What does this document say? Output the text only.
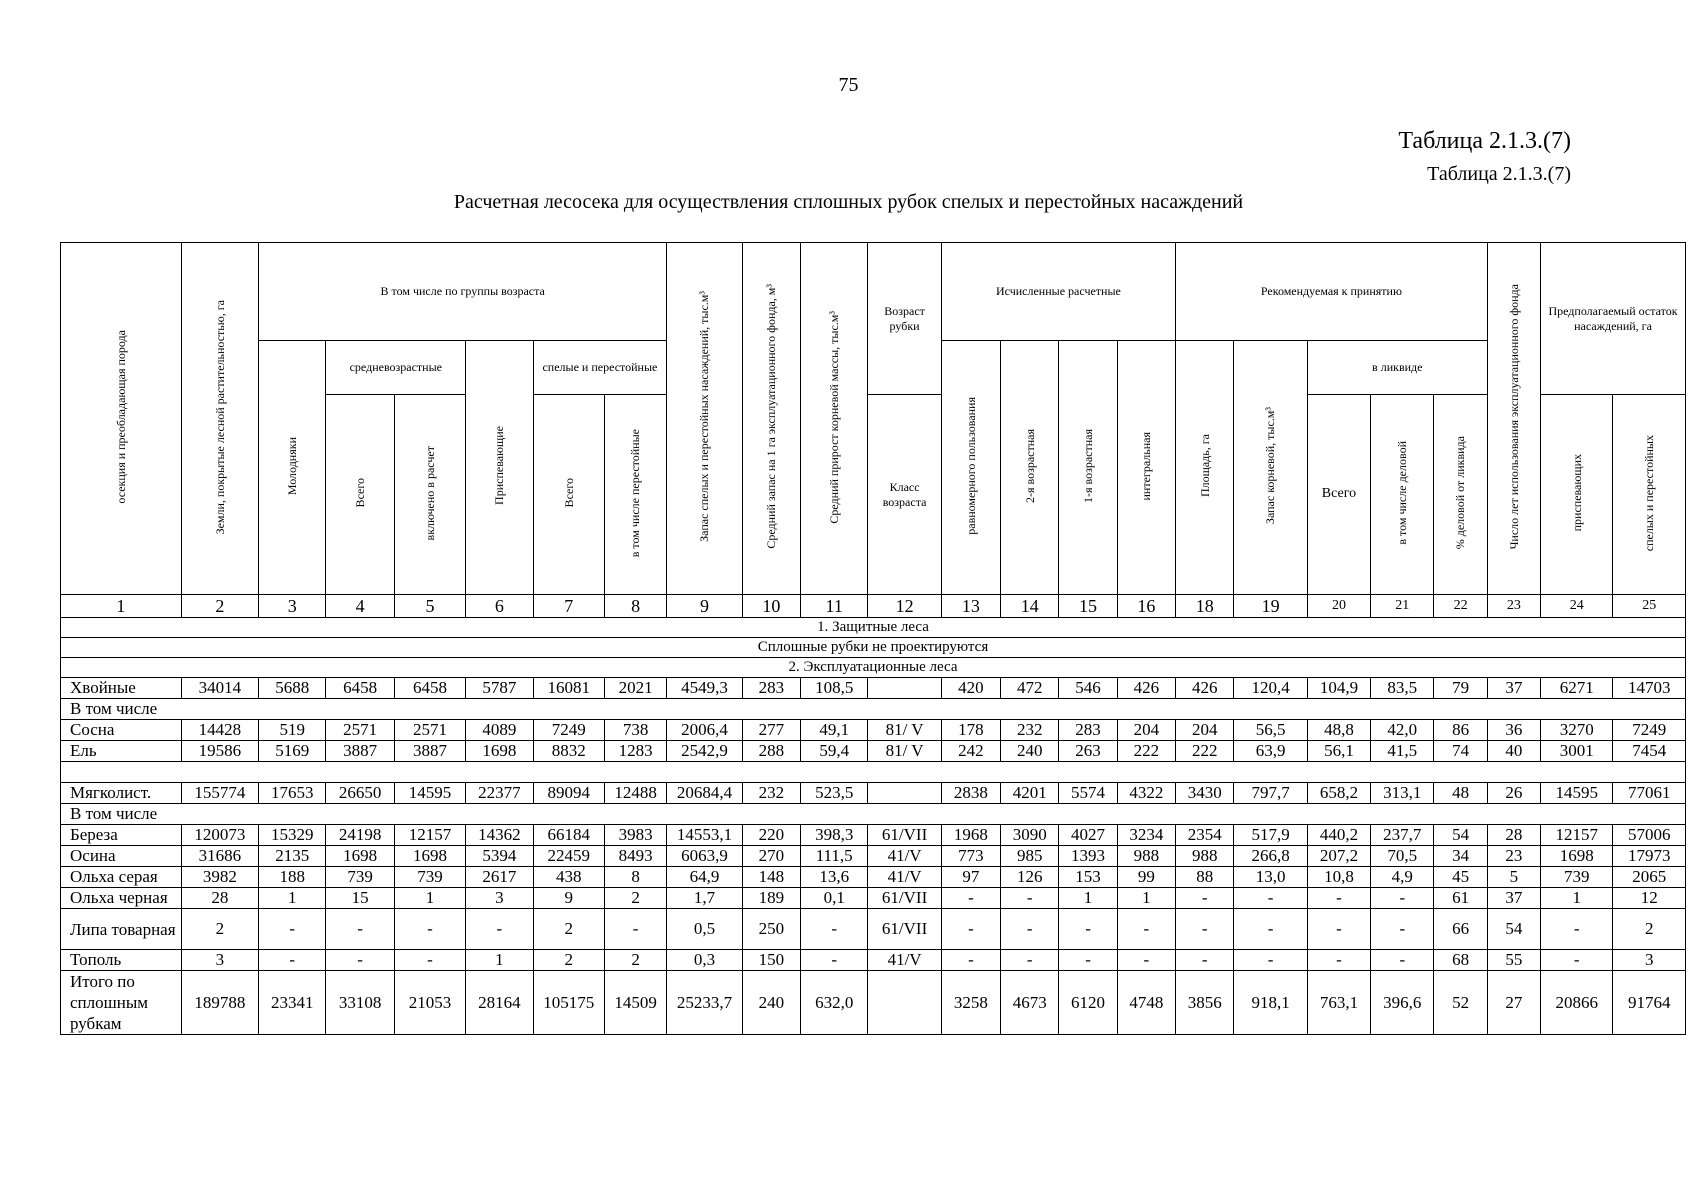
75
Таблица 2.1.3.(7)
Таблица 2.1.3.(7)
Расчетная лесосека для осуществления сплошных рубок спелых и перестойных насаждений
осекция и преобладающая порода	Земли, покрытые лесной растительностью, га	В том числе по группы возраста						Запас спелых и перестойных насаждений, тыс.м³	Средний запас на 1 га эксплуатационного фонда, м³	Средний прирост корневой массы, тыс.м³	Возраст рубки	Исчисленные расчетные				Рекомендуемая к принятию					Число лет использования эксплуатационного фонда	Предполагаемый остаток насаждений, га	
		Молодняки	средневозрастные		Приспевающие	спелые и перестойные						равномерного пользования	2-я возрастная	1-я возрастная	интегральная	Площадь, га	Запас корневой, тыс.м³	в ликвиде					
			Всего	включено в расчет		Всего	в том числе перестойные				Класс возраста							Всего	в том числе деловой	% деловой от ликвида		приспевающих	спелых и перестойных
1	2	3	4	5	6	7	8	9	10	11	12	13	14	15	16	18	19	20	21	22	23	24	25
1. Защитные леса																							
Сплошные рубки не проектируются																							
2. Эксплуатационные леса																							
Хвойные	34014	5688	6458	6458	5787	16081	2021	4549,3	283	108,5		420	472	546	426	426	120,4	104,9	83,5	79	37	6271	14703
В том числе																							
Сосна	14428	519	2571	2571	4089	7249	738	2006,4	277	49,1	81/ V	178	232	283	204	204	56,5	48,8	42,0	86	36	3270	7249
Ель	19586	5169	3887	3887	1698	8832	1283	2542,9	288	59,4	81/ V	242	240	263	222	222	63,9	56,1	41,5	74	40	3001	7454

Мягколист.	155774	17653	26650	14595	22377	89094	12488	20684,4	232	523,5		2838	4201	5574	4322	3430	797,7	658,2	313,1	48	26	14595	77061
В том числе																							
Береза	120073	15329	24198	12157	14362	66184	3983	14553,1	220	398,3	61/VII	1968	3090	4027	3234	2354	517,9	440,2	237,7	54	28	12157	57006
Осина	31686	2135	1698	1698	5394	22459	8493	6063,9	270	111,5	41/V	773	985	1393	988	988	266,8	207,2	70,5	34	23	1698	17973
Ольха серая	3982	188	739	739	2617	438	8	64,9	148	13,6	41/V	97	126	153	99	88	13,0	10,8	4,9	45	5	739	2065
Ольха черная	28	1	15	1	3	9	2	1,7	189	0,1	61/VII	-	-	1	1	-	-	-	-	61	37	1	12
Липа товарная	2	-	-	-	-	2	-	0,5	250	-	61/VII	-	-	-	-	-	-	-	-	66	54	-	2
Тополь	3	-	-	-	1	2	2	0,3	150	-	41/V	-	-	-	-	-	-	-	-	68	55	-	3
Итого по сплошным рубкам	189788	23341	33108	21053	28164	105175	14509	25233,7	240	632,0		3258	4673	6120	4748	3856	918,1	763,1	396,6	52	27	20866	91764
